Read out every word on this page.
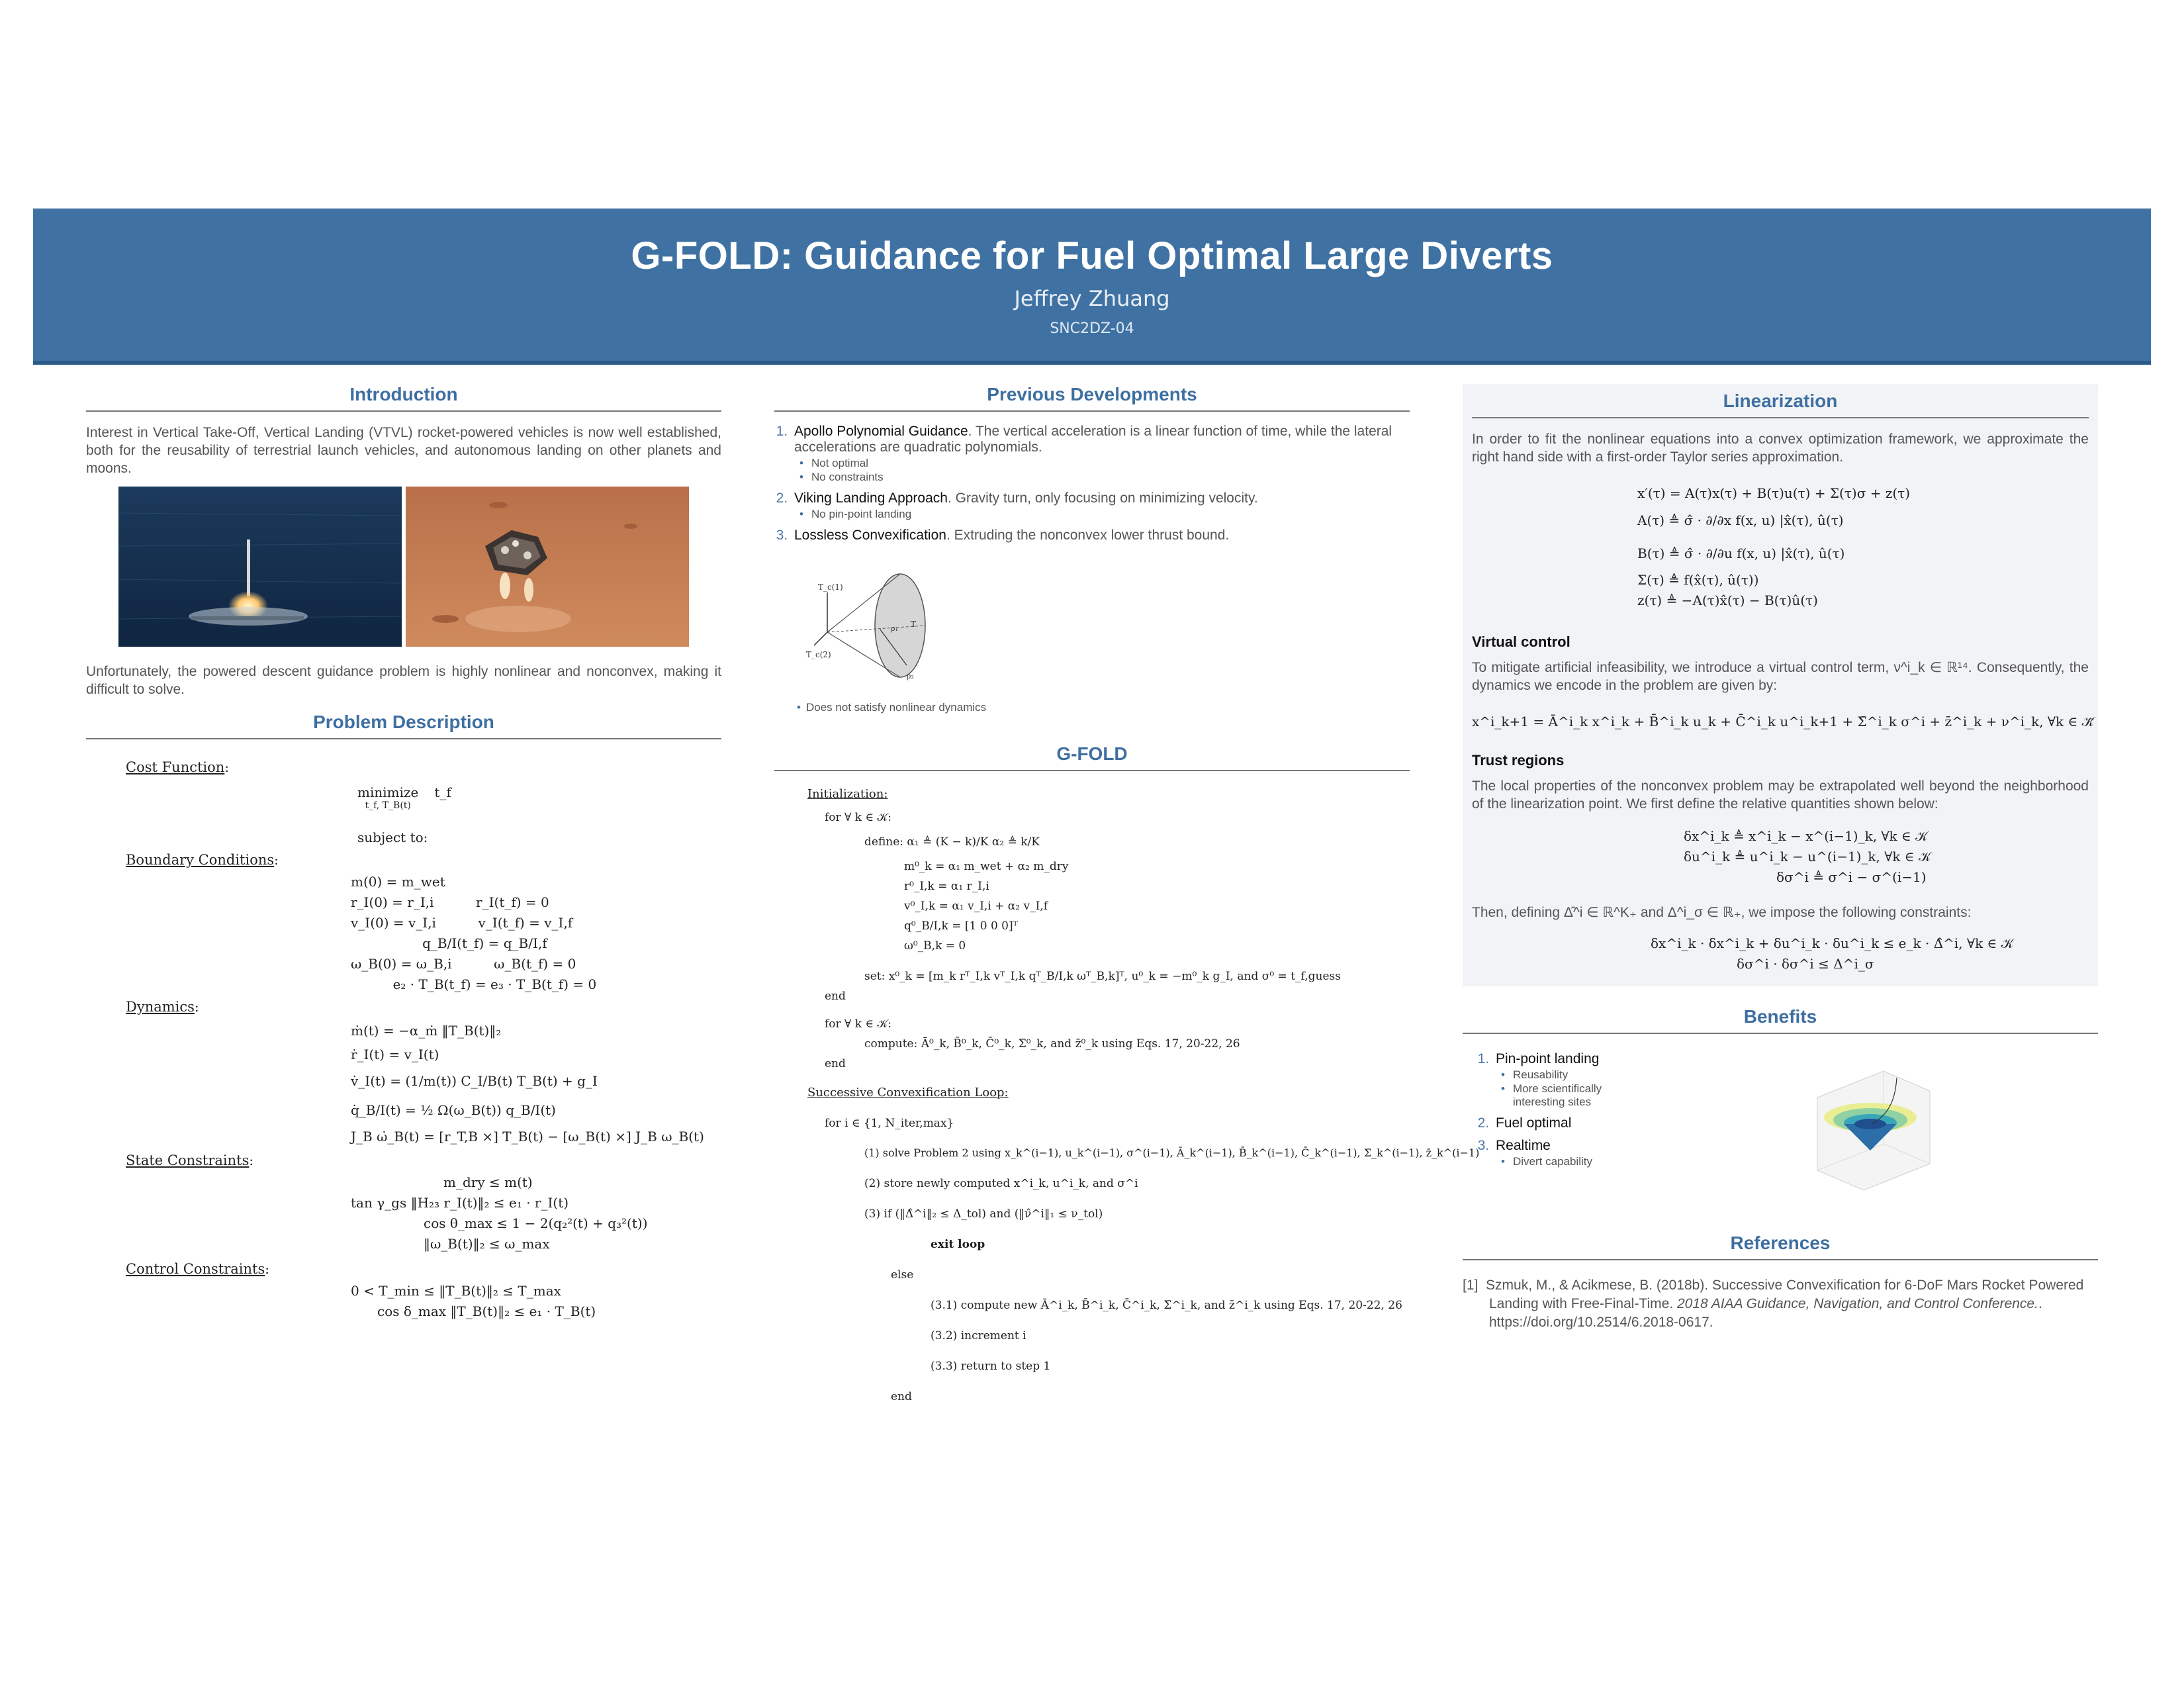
G-FOLD: Guidance for Fuel Optimal Large Diverts
Jeffrey Zhuang
SNC2DZ-04
Introduction

Interest in Vertical Take-Off, Vertical Landing (VTVL) rocket-powered vehicles is now well established, both for the reusability of terrestrial launch vehicles, and autonomous landing on other planets and moons.

Unfortunately, the powered descent guidance problem is highly nonlinear and nonconvex, making it difficult to solve.

Problem Description
Cost Function:
minimize
t_f, T_B(t)
t_f
subject to:
Boundary Conditions:
m(0) = m_wet
r_I(0) = r_I,i          r_I(t_f) = 0
v_I(0) = v_I,i          v_I(t_f) = v_I,f
q_B/I(t_f) = q_B/I,f
ω_B(0) = ω_B,i          ω_B(t_f) = 0
e₂ · T_B(t_f) = e₃ · T_B(t_f) = 0
Dynamics:
ṁ(t) = −α_ṁ ‖T_B(t)‖₂
ṙ_I(t) = v_I(t)
v̇_I(t) = (1/m(t)) C_I/B(t) T_B(t) + g_I
q̇_B/I(t) = ½ Ω(ω_B(t)) q_B/I(t)
J_B ω̇_B(t) = [r_T,B ×] T_B(t) − [ω_B(t) ×] J_B ω_B(t)
State Constraints:
m_dry ≤ m(t)
tan γ_gs ‖H₂₃ r_I(t)‖₂ ≤ e₁ · r_I(t)
cos θ_max ≤ 1 − 2(q₂²(t) + q₃²(t))
‖ω_B(t)‖₂ ≤ ω_max
Control Constraints:
0 < T_min ≤ ‖T_B(t)‖₂ ≤ T_max
cos δ_max ‖T_B(t)‖₂ ≤ e₁ · T_B(t)
Previous Developments
1. Apollo Polynomial Guidance. The vertical acceleration is a linear function of time, while the lateral accelerations are quadratic polynomials.
• Not optimal
• No constraints
2. Viking Landing Approach. Gravity turn, only focusing on minimizing velocity.
• No pin-point landing
3. Lossless Convexification. Extruding the nonconvex lower thrust bound.
T_c(1)
T_c(2)
ρ₁ T
ρ₂
• Does not satisfy nonlinear dynamics
G-FOLD
Initialization:
for ∀ k ∈ 𝒦:
define: α₁ ≜ (K − k)/K α₂ ≜ k/K
m⁰_k = α₁ m_wet + α₂ m_dry
r⁰_I,k = α₁ r_I,i
v⁰_I,k = α₁ v_I,i + α₂ v_I,f
q⁰_B/I,k = [1 0 0 0]ᵀ
ω⁰_B,k = 0
set: x⁰_k = [m_k rᵀ_I,k vᵀ_I,k qᵀ_B/I,k ωᵀ_B,k]ᵀ, u⁰_k = −m⁰_k g_I, and σ⁰ = t_f,guess
end
for ∀ k ∈ 𝒦:
compute: Ā⁰_k, B̄⁰_k, C̄⁰_k, Σ̄⁰_k, and z̄⁰_k using Eqs. 17, 20-22, 26
end
Successive Convexification Loop:
for i ∈ {1, N_iter,max}
(1) solve Problem 2 using x_k^(i−1), u_k^(i−1), σ^(i−1), Ā_k^(i−1), B̄_k^(i−1), C̄_k^(i−1), Σ̄_k^(i−1), z̄_k^(i−1)
(2) store newly computed x^i_k, u^i_k, and σ^i
(3) if (‖Δ̂^i‖₂ ≤ Δ_tol) and (‖ν̂^i‖₁ ≤ ν_tol)
exit loop
else
(3.1) compute new Ā^i_k, B̄^i_k, C̄^i_k, Σ̄^i_k, and z̄^i_k using Eqs. 17, 20-22, 26
(3.2) increment i
(3.3) return to step 1
end
Linearization

In order to fit the nonlinear equations into a convex optimization framework, we approximate the right hand side with a first-order Taylor series approximation.

x′(τ) = A(τ)x(τ) + B(τ)u(τ) + Σ(τ)σ + z(τ)
A(τ) ≜ σ̂ · ∂/∂x f(x, u) |x̂(τ), û(τ)
B(τ) ≜ σ̂ · ∂/∂u f(x, u) |x̂(τ), û(τ)
Σ(τ) ≜ f(x̂(τ), û(τ))
z(τ) ≜ −A(τ)x̂(τ) − B(τ)û(τ)
Virtual control

To mitigate artificial infeasibility, we introduce a virtual control term, ν^i_k ∈ ℝ¹⁴. Consequently, the dynamics we encode in the problem are given by:

x^i_k+1 = Ā^i_k x^i_k + B̄^i_k u_k + C̄^i_k u^i_k+1 + Σ̄^i_k σ^i + z̄^i_k + ν^i_k, ∀k ∈ 𝒦̄
Trust regions

The local properties of the nonconvex problem may be extrapolated well beyond the neighborhood of the linearization point. We first define the relative quantities shown below:

δx^i_k ≜ x^i_k − x^(i−1)_k, ∀k ∈ 𝒦
δu^i_k ≜ u^i_k − u^(i−1)_k, ∀k ∈ 𝒦
δσ^i ≜ σ^i − σ^(i−1)

Then, defining Δ̂^i ∈ ℝ^K₊ and Δ^i_σ ∈ ℝ₊, we impose the following constraints:

δx^i_k · δx^i_k + δu^i_k · δu^i_k ≤ e_k · Δ̂^i, ∀k ∈ 𝒦
δσ^i · δσ^i ≤ Δ^i_σ
Benefits
1. Pin-point landing
• Reusability
• More scientifically interesting sites
2. Fuel optimal
3. Realtime
• Divert capability
References
[1] Szmuk, M., & Acikmese, B. (2018b). Successive Convexification for 6-DoF Mars Rocket Powered Landing with Free-Final-Time. 2018 AIAA Guidance, Navigation, and Control Conference.. https://doi.org/10.2514/6.2018-0617.
